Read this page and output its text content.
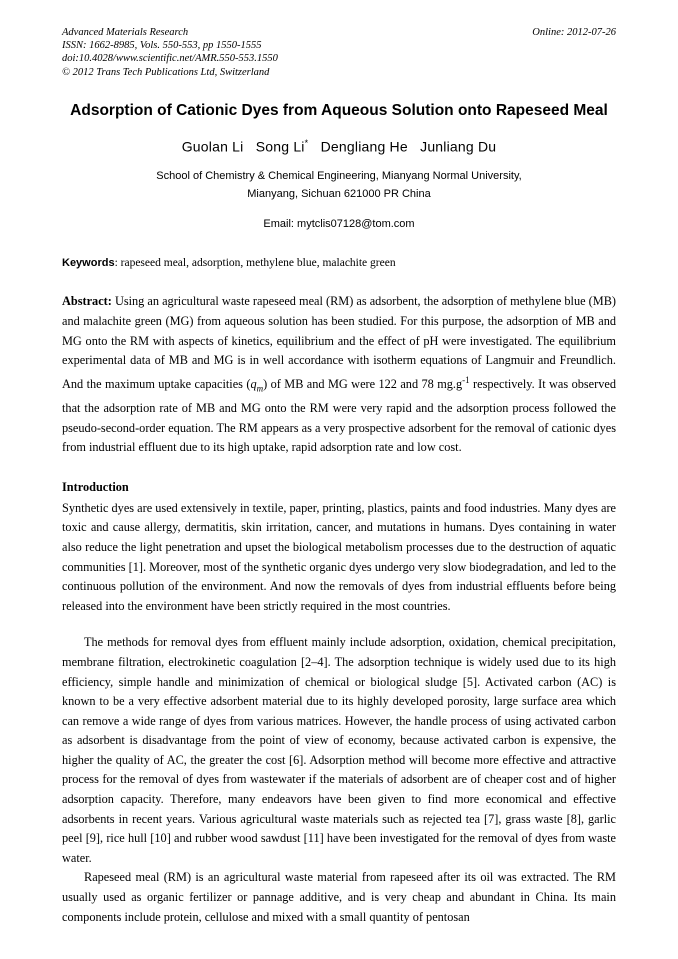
Online: 2012-07-26
Advanced Materials Research
ISSN: 1662-8985, Vols. 550-553, pp 1550-1555
doi:10.4028/www.scientific.net/AMR.550-553.1550
© 2012 Trans Tech Publications Ltd, Switzerland
Adsorption of Cationic Dyes from Aqueous Solution onto Rapeseed Meal
Guolan Li Song Li* Dengliang He Junliang Du
School of Chemistry & Chemical Engineering, Mianyang Normal University,
Mianyang, Sichuan 621000 PR China
Email: mytclis07128@tom.com
Keywords: rapeseed meal, adsorption, methylene blue, malachite green
Abstract: Using an agricultural waste rapeseed meal (RM) as adsorbent, the adsorption of methylene blue (MB) and malachite green (MG) from aqueous solution has been studied. For this purpose, the adsorption of MB and MG onto the RM with aspects of kinetics, equilibrium and the effect of pH were investigated. The equilibrium experimental data of MB and MG is in well accordance with isotherm equations of Langmuir and Freundlich. And the maximum uptake capacities $(q_m)$ of MB and MG were 122 and 78 $mg.g^{-1}$ respectively. It was observed that the adsorption rate of MB and MG onto the RM were very rapid and the adsorption process followed the pseudo-second-order equation. The RM appears as a very prospective adsorbent for the removal of cationic dyes from industrial effluent due to its high uptake, rapid adsorption rate and low cost.
Introduction

Synthetic dyes are used extensively in textile, paper, printing, plastics, paints and food industries. Many dyes are toxic and cause allergy, dermatitis, skin irritation, cancer, and mutations in humans. Dyes containing in water also reduce the light penetration and upset the biological metabolism processes due to the destruction of aquatic communities [1]. Moreover, most of the synthetic organic dyes undergo very slow biodegradation, and led to the continuous pollution of the environment. And now the removals of dyes from industrial effluents before being released into the environment have been strictly required in the most countries.

The methods for removal dyes from effluent mainly include adsorption, oxidation, chemical precipitation, membrane filtration, electrokinetic coagulation [2–4]. The adsorption technique is widely used due to its high efficiency, simple handle and minimization of chemical or biological sludge [5]. Activated carbon (AC) is known to be a very effective adsorbent material due to its highly developed porosity, large surface area which can remove a wide range of dyes from various matrices. However, the handle process of using activated carbon as adsorbent is disadvantage from the point of view of economy, because activated carbon is expensive, the higher the quality of AC, the greater the cost [6]. Adsorption method will become more effective and attractive process for the removal of dyes from wastewater if the materials of adsorbent are of cheaper cost and of higher adsorption capacity. Therefore, many endeavors have been given to find more economical and effective adsorbents in recent years. Various agricultural waste materials such as rejected tea [7], grass waste [8], garlic peel [9], rice hull [10] and rubber wood sawdust [11] have been investigated for the removal of dyes from waste water.

Rapeseed meal (RM) is an agricultural waste material from rapeseed after its oil was extracted. The RM usually used as organic fertilizer or pannage additive, and is very cheap and abundant in China. Its main components include protein, cellulose and mixed with a small quantity of pentosan
